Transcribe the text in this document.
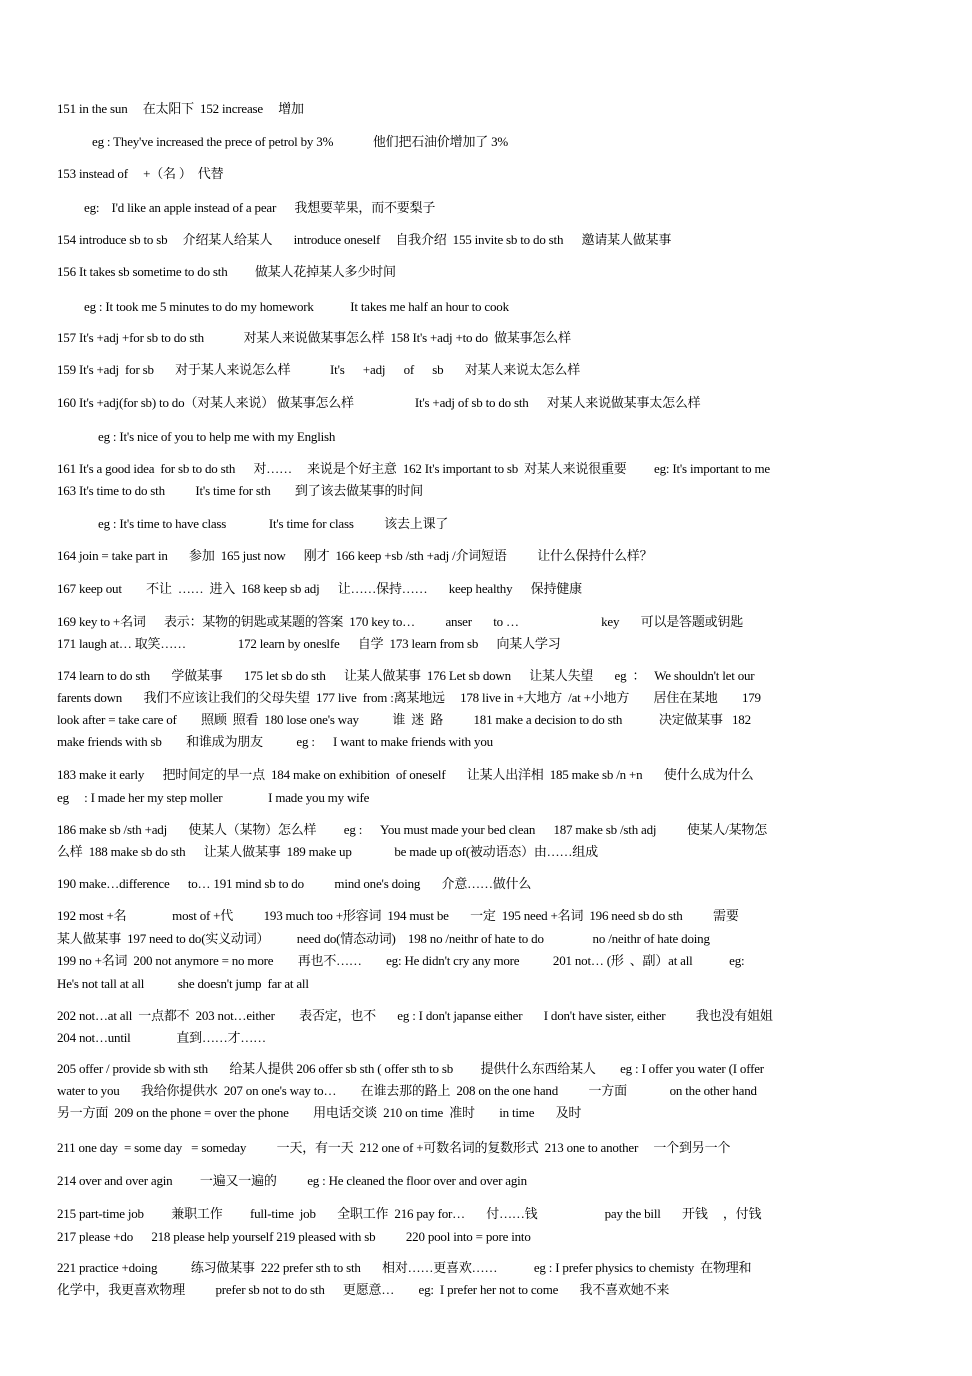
151 in the sun     在太阳下  152 increase     增加
eg : They've increased the prece of petrol by 3%             他们把石油价增加了 3%
153 instead of     +（名 ）  代替
eg:    I'd like an apple instead of a pear      我想要苹果，而不要梨子
154 introduce sb to sb     介绍某人给某人       introduce oneself     自我介绍  155 invite sb to do sth      邀请某人做某事
156 It takes sb sometime to do sth         做某人花掉某人多少时间
eg : It took me 5 minutes to do my homework            It takes me half an hour to cook
157 It's +adj +for sb to do sth             对某人来说做某事怎么样  158 It's +adj +to do  做某事怎么样
159 It's +adj  for sb       对于某人来说怎么样             It's      +adj      of      sb       对某人来说太怎么样
160 It's +adj(for sb) to do（对某人来说） 做某事怎么样                    It's +adj of sb to do sth      对某人来说做某事太怎么样
eg : It's nice of you to help me with my English
161 It's a good idea  for sb to do sth      对……     来说是个好主意  162 It's important to sb  对某人来说很重要         eg: It's important to me
163 It's time to do sth          It's time for sth        到了该去做某事的时间
eg : It's time to have class              It's time for class          该去上课了
164 join = take part in       参加  165 just now      刚才  166 keep +sb /sth +adj /介词短语          让什么保持什么样？
167 keep out        不让  ……  进入  168 keep sb adj      让……保持……       keep healthy      保持健康
169 key to +名词      表示：某物的钥匙或某题的答案  170 key to…          anser       to …                           key       可以是答题或钥匙
171 laugh at… 取笑……                 172 learn by oneslfe      自学  173 learn from sb      向某人学习
174 learn to do sth       学做某事       175 let sb do sth      让某人做某事  176 Let sb down      让某人失望       eg  ：   We shouldn't let our
farents down       我们不应该让我们的父母失望  177 live  from :离某地远     178 live in +大地方  /at +小地方        居住在某地        179
look after = take care of        照顾  照看  180 lose one's way           谁  迷  路          181 make a decision to do sth            决定做某事   182
make friends with sb        和谁成为朋友           eg :      I want to make friends with you
183 make it early      把时间定的早一点  184 make on exhibition  of oneself       让某人出洋相  185 make sb /n +n       使什么成为什么
eg     : I made her my step moller               I made you my wife
186 make sb /sth +adj       使某人（某物）怎么样         eg :      You must made your bed clean      187 make sb /sth adj          使某人/某物怎
么样  188 make sb do sth      让某人做某事  189 make up              be made up of(被动语态）由……组成
190 make…difference      to… 191 mind sb to do          mind one's doing       介意……做什么
192 most +名               most of +代          193 much too +形容词  194 must be       一定  195 need +名词  196 need sb do sth          需要
某人做某事  197 need to do(实义动词）         need do(情态动词)    198 no /neithr of hate to do                no /neithr of hate doing
199 no +名词  200 not anymore = no more        再也不……        eg: He didn't cry any more           201 not… (形  、副）at all            eg:
He's not tall at all           she doesn't jump  far at all
202 not…at all  一点都不  203 not…either        表否定，也不       eg : I don't japanse either       I don't have sister, either          我也没有姐姐
204 not…until               直到……才……
205 offer / provide sb with sth       给某人提供 206 offer sb sth ( offer sth to sb         提供什么东西给某人        eg : I offer you water (I offer
water to you       我给你提供水  207 on one's way to…        在谁去那的路上  208 on the one hand          一方面              on the other hand
另一方面  209 on the phone = over the phone        用电话交谈  210 on time  准时        in time       及时
211 one day  = some day   = someday          一天，有一天  212 one of +可数名词的复数形式  213 one to another     一个到另一个
214 over and over agin         一遍又一遍的          eg : He cleaned the floor over and over agin
215 part-time job         兼职工作         full-time  job       全职工作  216 pay for…       付……钱                      pay the bill       开钱     ，付钱
217 please +do      218 please help yourself 219 pleased with sb          220 pool into = pore into
221 practice +doing           练习做某事  222 prefer sth to sth       相对……更喜欢……            eg : I prefer physics to chemisty  在物理和
化学中，我更喜欢物理          prefer sb not to do sth      更愿意…        eg:  I prefer her not to come       我不喜欢她不来
